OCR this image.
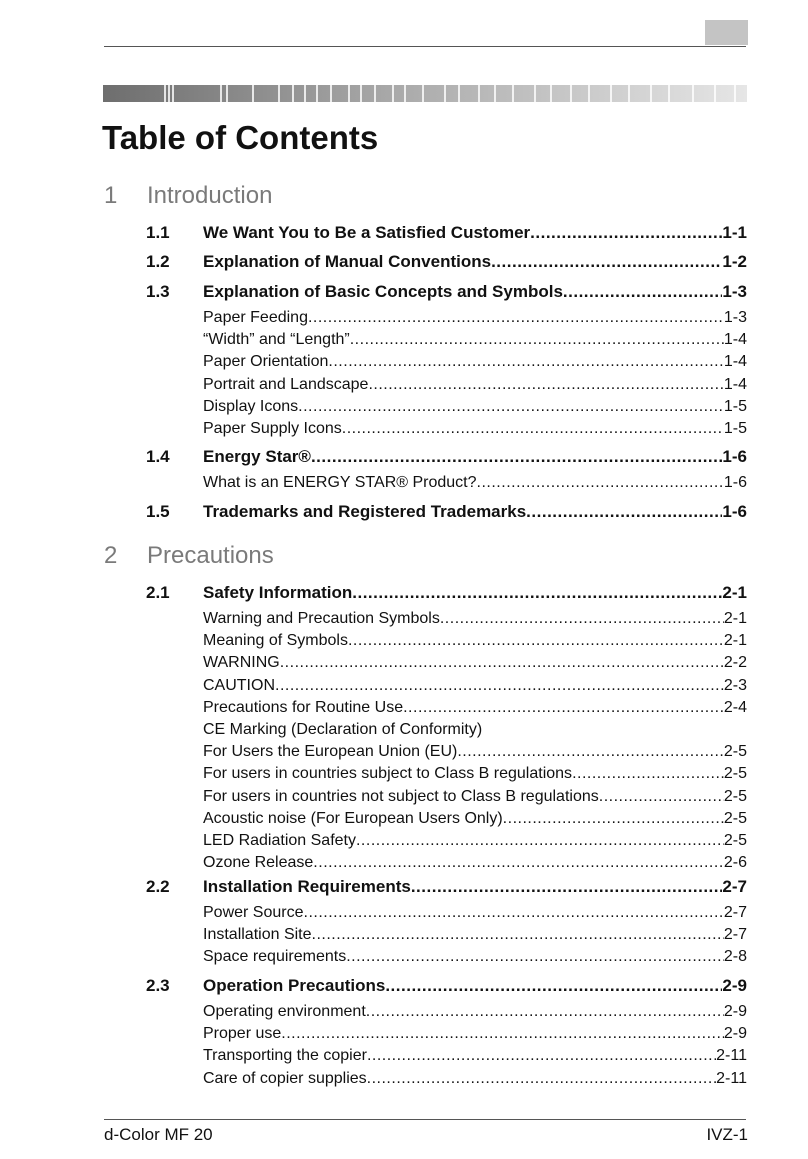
Table of Contents
1 Introduction
1.1	We Want You to Be a Satisfied Customer .....	1-1
1.2	Explanation of Manual Conventions .....	1-2
1.3	Explanation of Basic Concepts and Symbols .....	1-3
Paper Feeding .....	1-3
“Width” and “Length” .....	1-4
Paper Orientation .....	1-4
Portrait and Landscape .....	1-4
Display Icons .....	1-5
Paper Supply Icons .....	1-5
1.4	Energy Star® .....	1-6
What is an ENERGY STAR® Product? .....	1-6
1.5	Trademarks and Registered Trademarks .....	1-6
2 Precautions
2.1	Safety Information .....	2-1
Warning and Precaution Symbols .....	2-1
Meaning of Symbols .....	2-1
WARNING .....	2-2
CAUTION .....	2-3
Precautions for Routine Use .....	2-4
CE Marking (Declaration of Conformity)
For Users the European Union (EU) .....	2-5
For users in countries subject to Class B regulations .....	2-5
For users in countries not subject to Class B regulations .....	2-5
Acoustic noise (For European Users Only) .....	2-5
LED Radiation Safety .....	2-5
Ozone Release .....	2-6
2.2	Installation Requirements .....	2-7
Power Source .....	2-7
Installation Site .....	2-7
Space requirements .....	2-8
2.3	Operation Precautions .....	2-9
Operating environment .....	2-9
Proper use .....	2-9
Transporting the copier .....	2-11
Care of copier supplies .....	2-11
d-Color MF 20	IVZ-1
